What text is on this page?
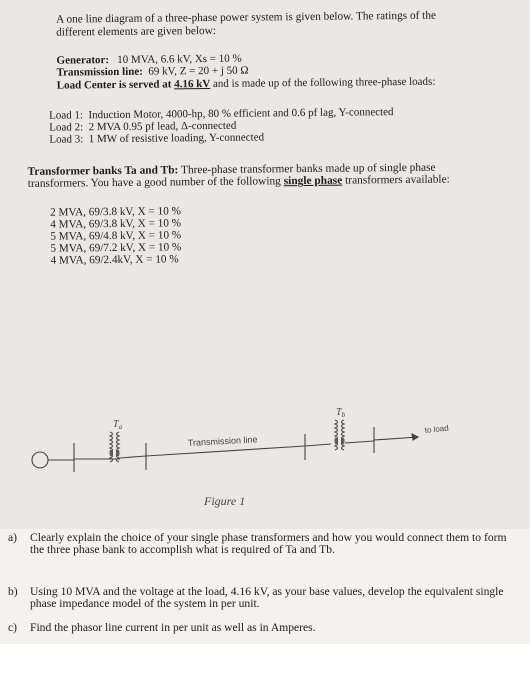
A one line diagram of a three-phase power system is given below. The ratings of the different elements are given below:
Generator: 10 MVA, 6.6 kV, Xs = 10 %
Transmission line: 69 kV, Z = 20 + j 50 Ω
Load Center is served at 4.16 kV and is made up of the following three-phase loads:
Load 1: Induction Motor, 4000-hp, 80 % efficient and 0.6 pf lag, Y-connected
Load 2: 2 MVA 0.95 pf lead, Δ-connected
Load 3: 1 MW of resistive loading, Y-connected
Transformer banks Ta and Tb: Three-phase transformer banks made up of single phase transformers. You have a good number of the following single phase transformers available:
2 MVA, 69/3.8 kV, X = 10 %
4 MVA, 69/3.8 kV, X = 10 %
5 MVA, 69/4.8 kV, X = 10 %
5 MVA, 69/7.2 kV, X = 10 %
4 MVA, 69/2.4kV, X = 10 %
$T_a$
$T_b$
Transmission line
to load
Figure 1
a) Clearly explain the choice of your single phase transformers and how you would connect them to form the three phase bank to accomplish what is required of Ta and Tb.
b) Using 10 MVA and the voltage at the load, 4.16 kV, as your base values, develop the equivalent single phase impedance model of the system in per unit.
c) Find the phasor line current in per unit as well as in Amperes.
